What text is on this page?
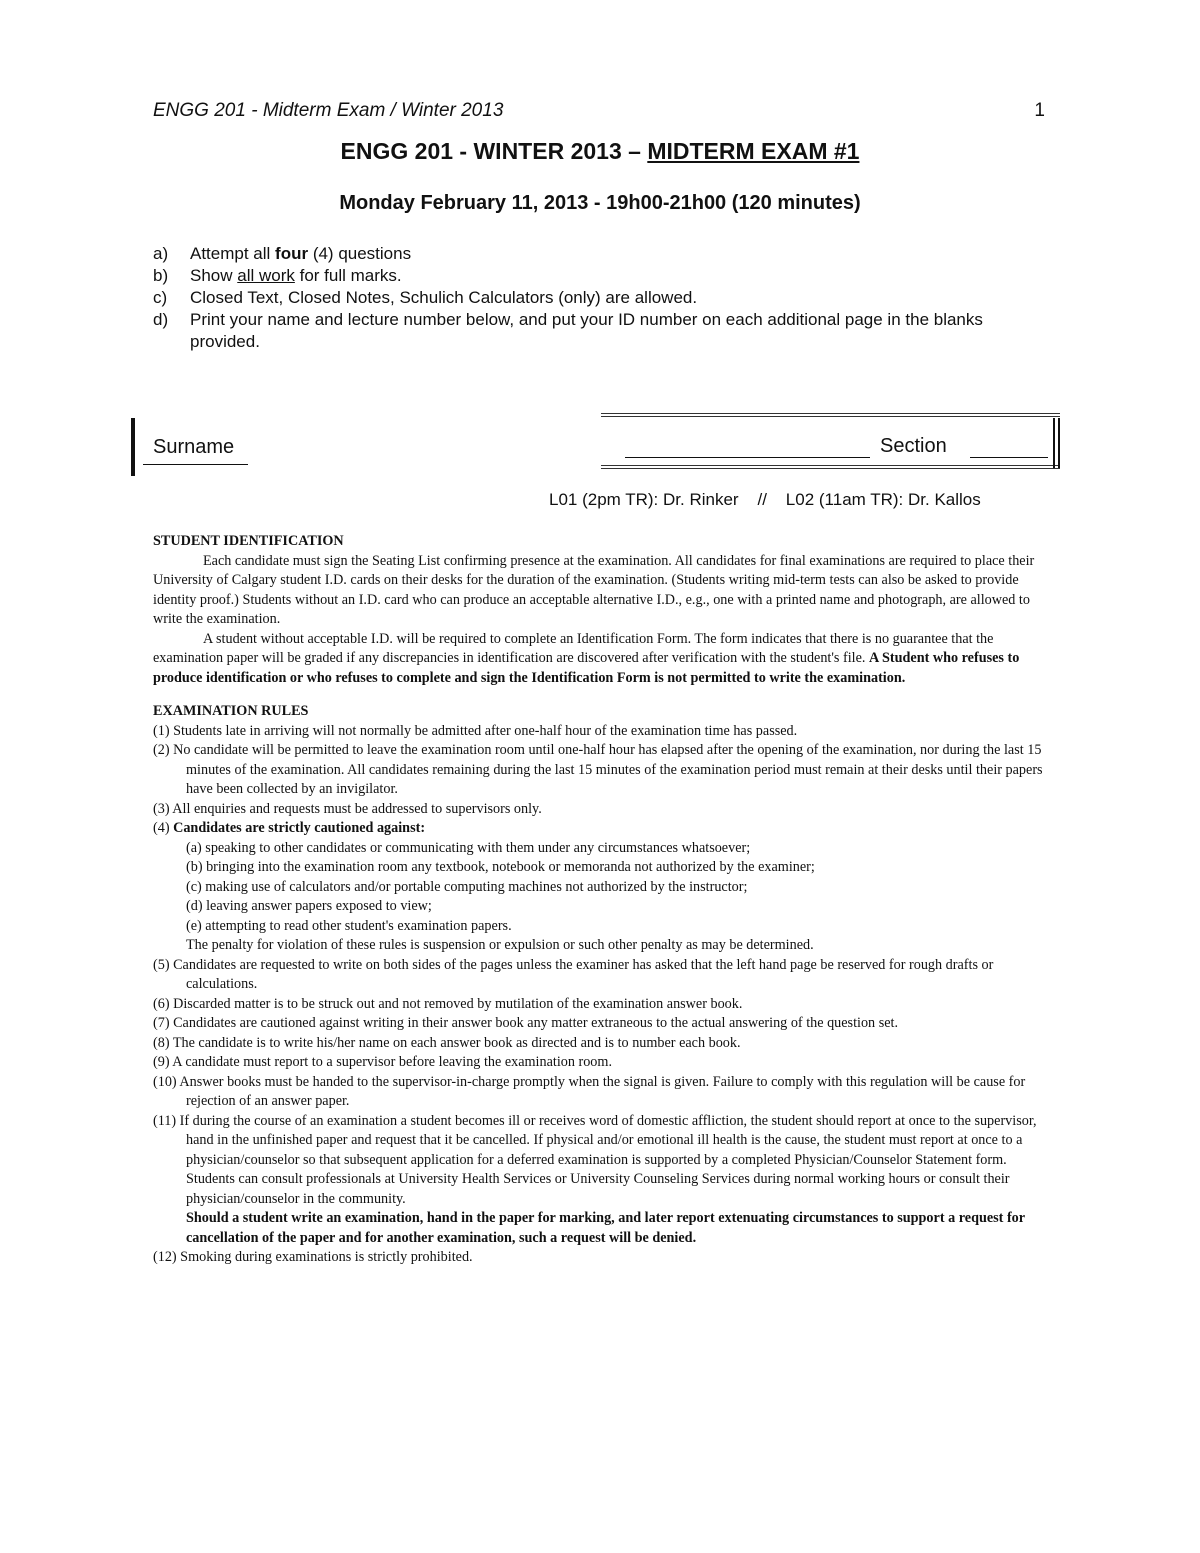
ENGG 201 - Midterm Exam / Winter 2013	1
ENGG 201 - WINTER 2013 – MIDTERM EXAM #1
Monday February 11, 2013 - 19h00-21h00 (120 minutes)
a)	Attempt all four (4) questions
b)	Show all work for full marks.
c)	Closed Text, Closed Notes, Schulich Calculators (only) are allowed.
d)	Print your name and lecture number below, and put your ID number on each additional page in the blanks provided.
Surname	Section
L01 (2pm TR): Dr. Rinker    //    L02 (11am TR): Dr. Kallos
STUDENT IDENTIFICATION
Each candidate must sign the Seating List confirming presence at the examination. All candidates for final examinations are required to place their University of Calgary student I.D. cards on their desks for the duration of the examination. (Students writing mid-term tests can also be asked to provide identity proof.) Students without an I.D. card who can produce an acceptable alternative I.D., e.g., one with a printed name and photograph, are allowed to write the examination.
A student without acceptable I.D. will be required to complete an Identification Form. The form indicates that there is no guarantee that the examination paper will be graded if any discrepancies in identification are discovered after verification with the student's file. A Student who refuses to produce identification or who refuses to complete and sign the Identification Form is not permitted to write the examination.
EXAMINATION RULES
(1) Students late in arriving will not normally be admitted after one-half hour of the examination time has passed.
(2) No candidate will be permitted to leave the examination room until one-half hour has elapsed after the opening of the examination, nor during the last 15 minutes of the examination. All candidates remaining during the last 15 minutes of the examination period must remain at their desks until their papers have been collected by an invigilator.
(3) All enquiries and requests must be addressed to supervisors only.
(4) Candidates are strictly cautioned against:
(a) speaking to other candidates or communicating with them under any circumstances whatsoever;
(b) bringing into the examination room any textbook, notebook or memoranda not authorized by the examiner;
(c) making use of calculators and/or portable computing machines not authorized by the instructor;
(d) leaving answer papers exposed to view;
(e) attempting to read other student's examination papers.
The penalty for violation of these rules is suspension or expulsion or such other penalty as may be determined.
(5) Candidates are requested to write on both sides of the pages unless the examiner has asked that the left hand page be reserved for rough drafts or calculations.
(6) Discarded matter is to be struck out and not removed by mutilation of the examination answer book.
(7) Candidates are cautioned against writing in their answer book any matter extraneous to the actual answering of the question set.
(8) The candidate is to write his/her name on each answer book as directed and is to number each book.
(9) A candidate must report to a supervisor before leaving the examination room.
(10) Answer books must be handed to the supervisor-in-charge promptly when the signal is given. Failure to comply with this regulation will be cause for rejection of an answer paper.
(11) If during the course of an examination a student becomes ill or receives word of domestic affliction, the student should report at once to the supervisor, hand in the unfinished paper and request that it be cancelled. If physical and/or emotional ill health is the cause, the student must report at once to a physician/counselor so that subsequent application for a deferred examination is supported by a completed Physician/Counselor Statement form. Students can consult professionals at University Health Services or University Counseling Services during normal working hours or consult their physician/counselor in the community.
Should a student write an examination, hand in the paper for marking, and later report extenuating circumstances to support a request for cancellation of the paper and for another examination, such a request will be denied.
(12) Smoking during examinations is strictly prohibited.
